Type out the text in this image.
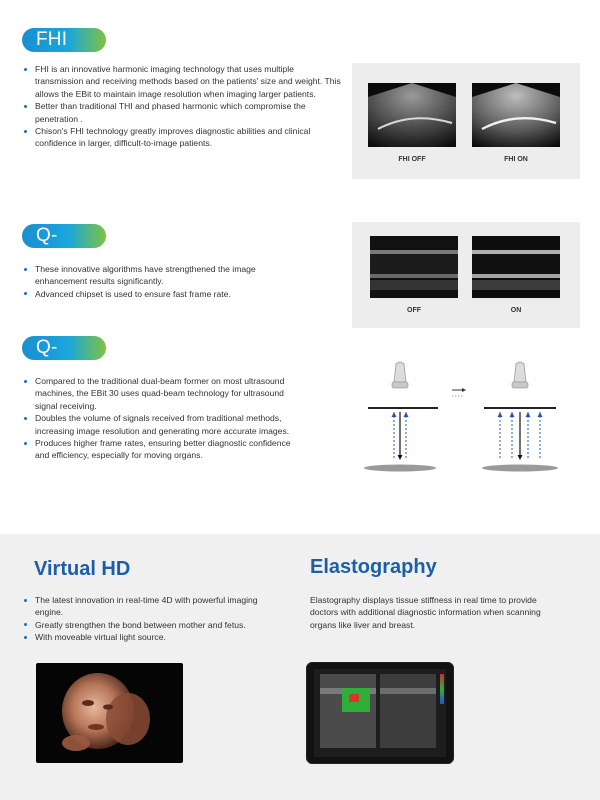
FHI
FHI is an innovative harmonic imaging technology that uses multiple transmission and receiving methods based on the patients' size and weight. This allows the EBit to maintain image resolution when imaging larger patients.
Better than traditional THI and phased harmonic which compromise the penetration .
Chison's FHI technology greatly improves diagnostic abilities and clinical confidence in larger, difficult-to-image patients.
FHI OFF	FHI ON
Q-image
These innovative algorithms have strengthened the image enhancement results significantly.
Advanced chipset is used to ensure fast frame rate.
OFF	ON
Q-beam
Compared to the traditional dual-beam former on most ultrasound machines, the EBit 30 uses quad-beam technology for ultrasound signal receiving.
Doubles the volume of signals received from traditional methods, increasing image resolution and generating more accurate images.
Produces higher frame rates, ensuring better diagnostic confidence and efficiency, especially for moving organs.
Virtual HD
The latest innovation in real-time 4D with powerful imaging engine.
Greatly strengthen the bond between mother and fetus.
With moveable virtual light source.
Elastography
Elastography displays tissue stiffness in real time to provide doctors with additional diagnostic information when scanning organs like liver and breast.
